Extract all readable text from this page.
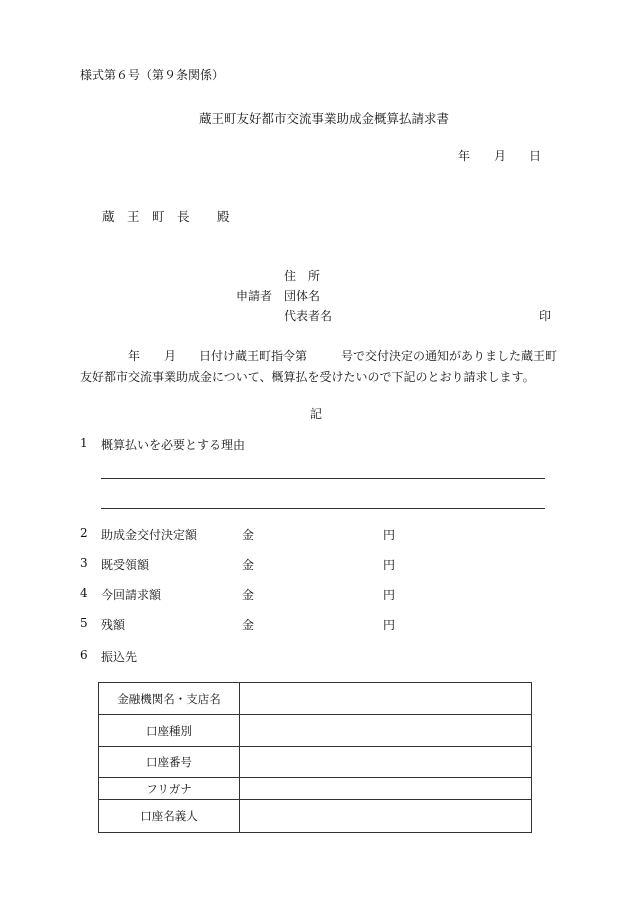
様式第６号（第９条関係）
蔵王町友好都市交流事業助成金概算払請求書
年 月 日
蔵　王　町　長 殿
住　所
申請者 団体名
代表者名	印
年 月 日付け蔵王町指令第	号で交付決定の通知がありました蔵王町
友好都市交流事業助成金について、概算払を受けたいので下記のとおり請求します。
記
1 概算払いを必要とする理由
2 助成金交付決定額	金	円
3 既受領額	金	円
4 今回請求額	金	円
5 残額	金	円
6 振込先
金融機関名・支店名	
口座種別	
口座番号	
フリガナ	
口座名義人	
